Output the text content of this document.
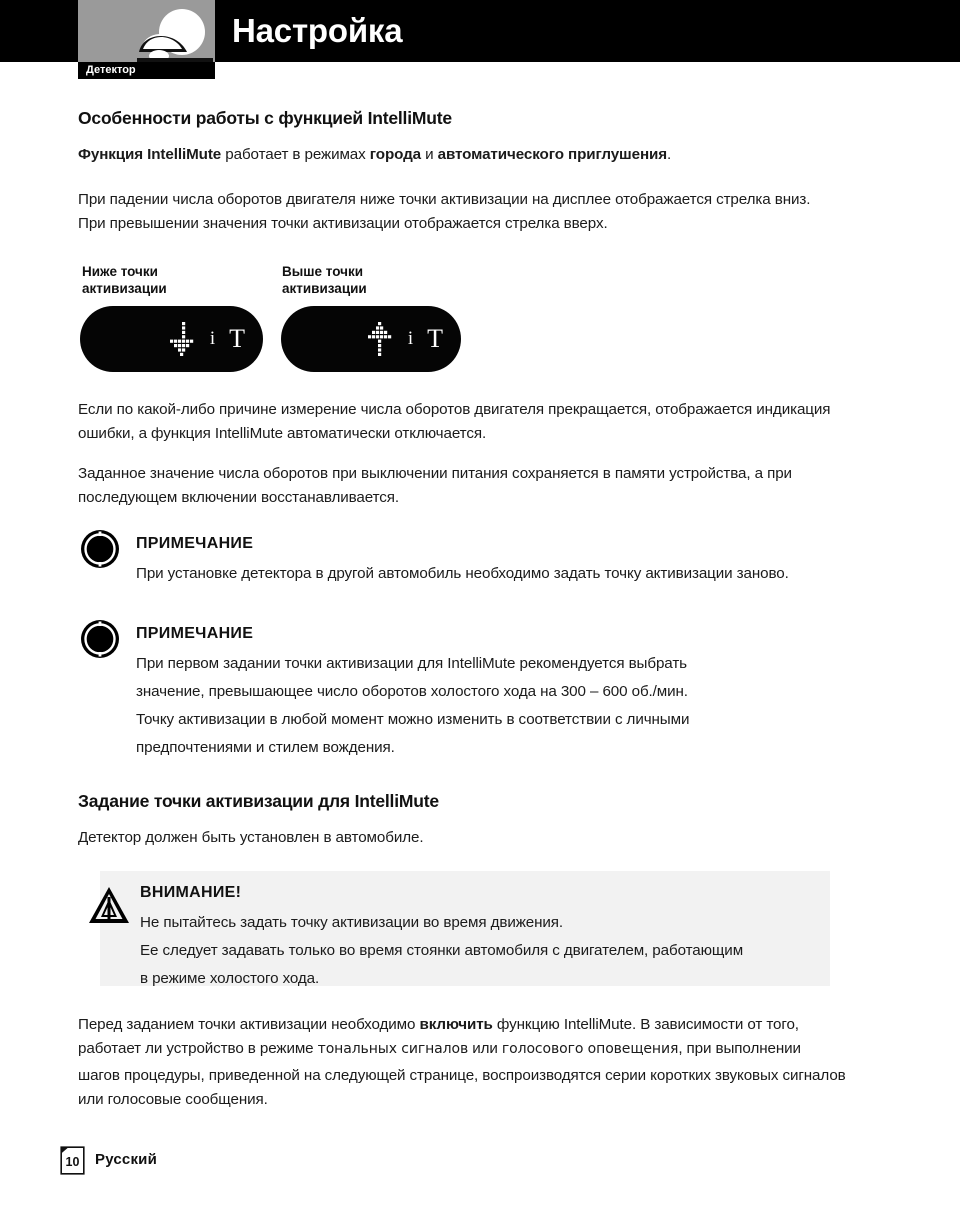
Настройка
Детектор
Особенности работы с функцией IntelliMute
Функция IntelliMute работает в режимах города и автоматического приглушения.
При падении числа оборотов двигателя ниже точки активизации на дисплее отображается стрелка вниз.
При превышении значения точки активизации отображается стрелка вверх.
Ниже точки
активизации
i T
Выше точки
активизации
i T
Если по какой-либо причине измерение числа оборотов двигателя прекращается, отображается индикация
ошибки, а функция IntelliMute автоматически отключается.
Заданное значение числа оборотов при выключении питания сохраняется в памяти устройства, а при
последующем включении восстанавливается.
ПРИМЕЧАНИЕ
При установке детектора в другой автомобиль необходимо задать точку активизации заново.
ПРИМЕЧАНИЕ
При первом задании точки активизации для IntelliMute рекомендуется выбрать
значение, превышающее число оборотов холостого хода на 300 – 600 об./мин.
Точку активизации в любой момент можно изменить в соответствии с личными
предпочтениями и стилем вождения.
Задание точки активизации для IntelliMute
Детектор должен быть установлен в автомобиле.
ВНИМАНИЕ!
Не пытайтесь задать точку активизации во время движения.
Ее следует задавать только во время стоянки автомобиля с двигателем, работающим
в режиме холостого хода.
Перед заданием точки активизации необходимо включить функцию IntelliMute. В зависимости от того,
работает ли устройство в режиме тональных сигналов или голосового оповещения, при выполнении
шагов процедуры, приведенной на следующей странице, воспроизводятся серии коротких звуковых сигналов
или голосовые сообщения.
10	Русский
